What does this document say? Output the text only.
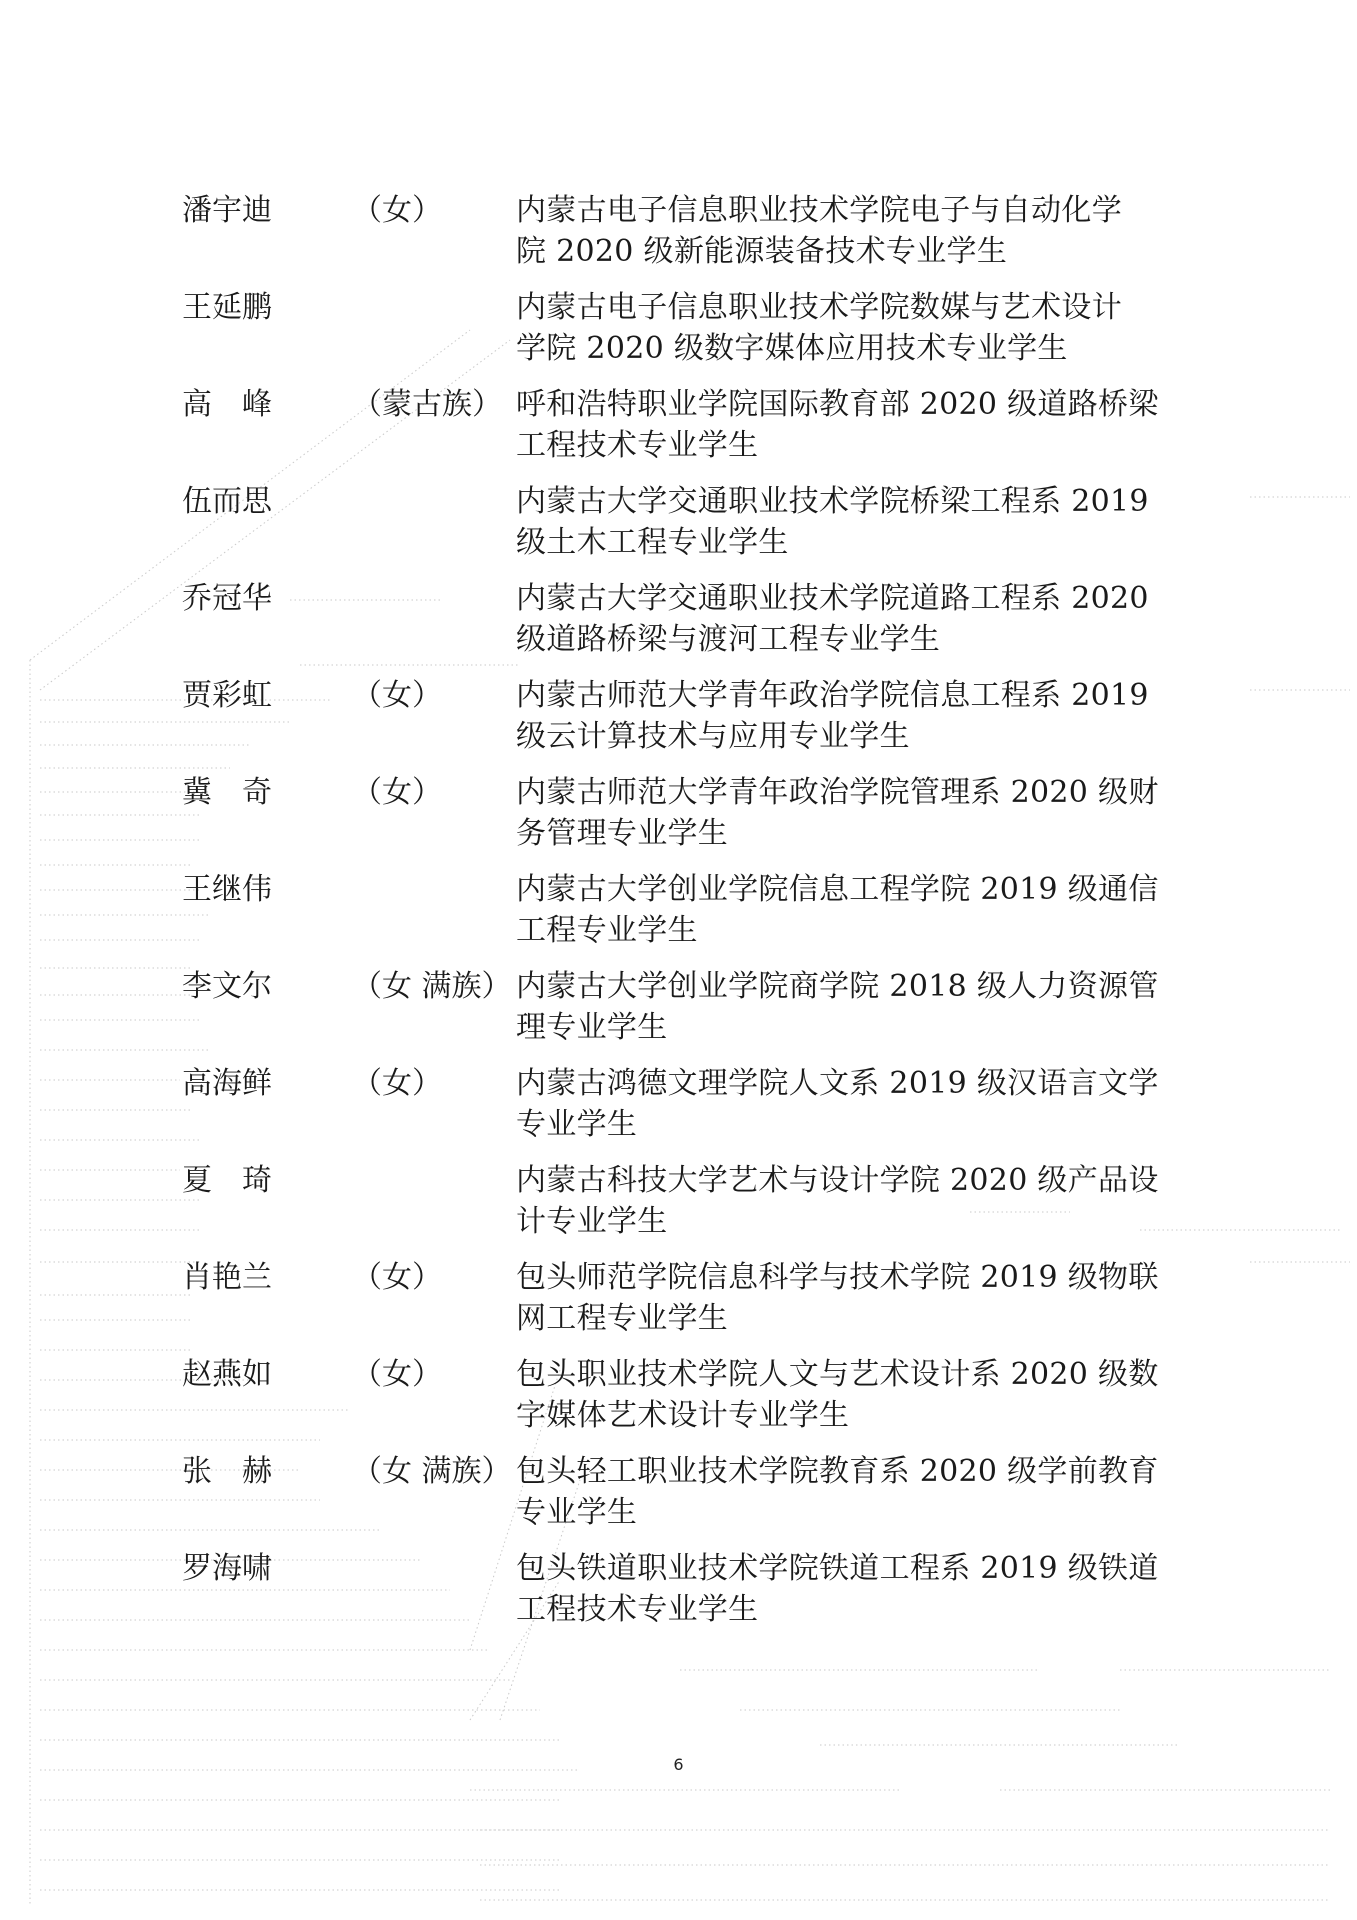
潘宇迪	（女） 内蒙古电子信息职业技术学院电子与自动化学
院 2020 级新能源装备技术专业学生
王延鹏	内蒙古电子信息职业技术学院数媒与艺术设计
学院 2020 级数字媒体应用技术专业学生
高　峰	（蒙古族） 呼和浩特职业学院国际教育部 2020 级道路桥梁
工程技术专业学生
伍而思	内蒙古大学交通职业技术学院桥梁工程系 2019
级土木工程专业学生
乔冠华	内蒙古大学交通职业技术学院道路工程系 2020
级道路桥梁与渡河工程专业学生
贾彩虹	（女） 内蒙古师范大学青年政治学院信息工程系 2019
级云计算技术与应用专业学生
冀　奇	（女） 内蒙古师范大学青年政治学院管理系 2020 级财
务管理专业学生
王继伟	内蒙古大学创业学院信息工程学院 2019 级通信
工程专业学生
李文尔	（女 满族） 内蒙古大学创业学院商学院 2018 级人力资源管
理专业学生
高海鲜	（女） 内蒙古鸿德文理学院人文系 2019 级汉语言文学
专业学生
夏　琦	内蒙古科技大学艺术与设计学院 2020 级产品设
计专业学生
肖艳兰	（女） 包头师范学院信息科学与技术学院 2019 级物联
网工程专业学生
赵燕如	（女） 包头职业技术学院人文与艺术设计系 2020 级数
字媒体艺术设计专业学生
张　赫	（女 满族） 包头轻工职业技术学院教育系 2020 级学前教育
专业学生
罗海啸	包头铁道职业技术学院铁道工程系 2019 级铁道
工程技术专业学生
6
